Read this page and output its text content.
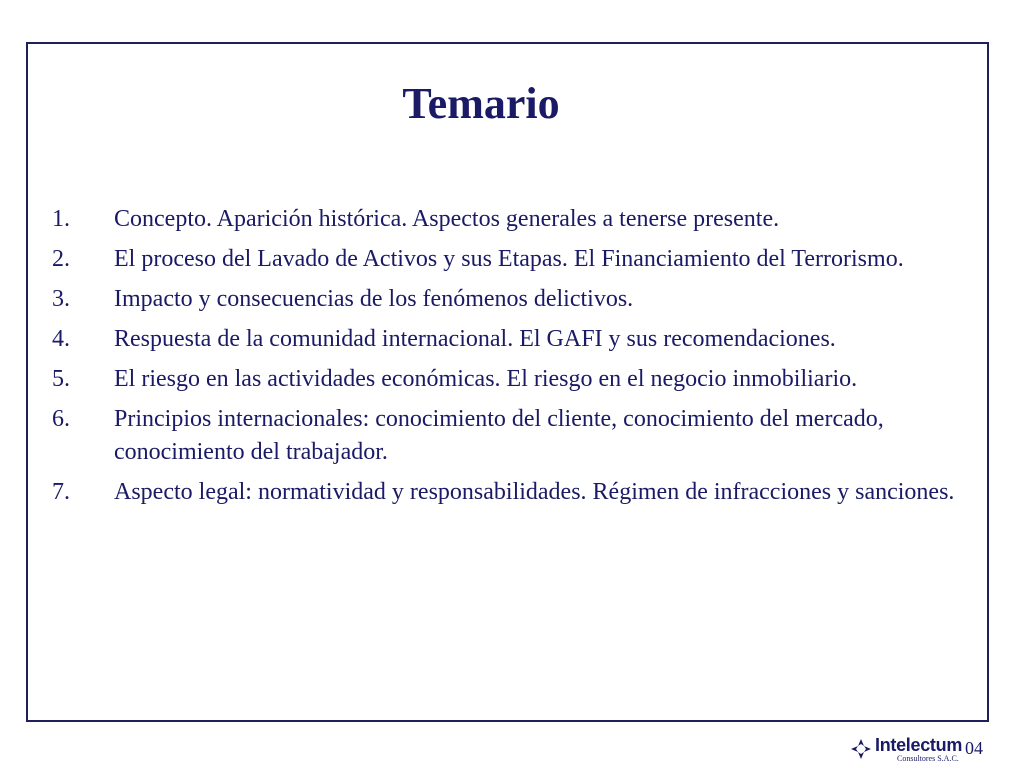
Temario
1.	Concepto. Aparición histórica. Aspectos generales a tenerse presente.
2.	El proceso del Lavado de Activos y sus Etapas. El Financiamiento del Terrorismo.
3.	Impacto y consecuencias de los fenómenos delictivos.
4.	Respuesta de la comunidad internacional. El GAFI y sus recomendaciones.
5.	El riesgo en las actividades económicas. El riesgo en el negocio inmobiliario.
6.	Principios internacionales: conocimiento del cliente, conocimiento del mercado, conocimiento del trabajador.
7.	Aspecto legal: normatividad y responsabilidades. Régimen de infracciones y sanciones.
Intelectum
Consultores S.A.C. 04
